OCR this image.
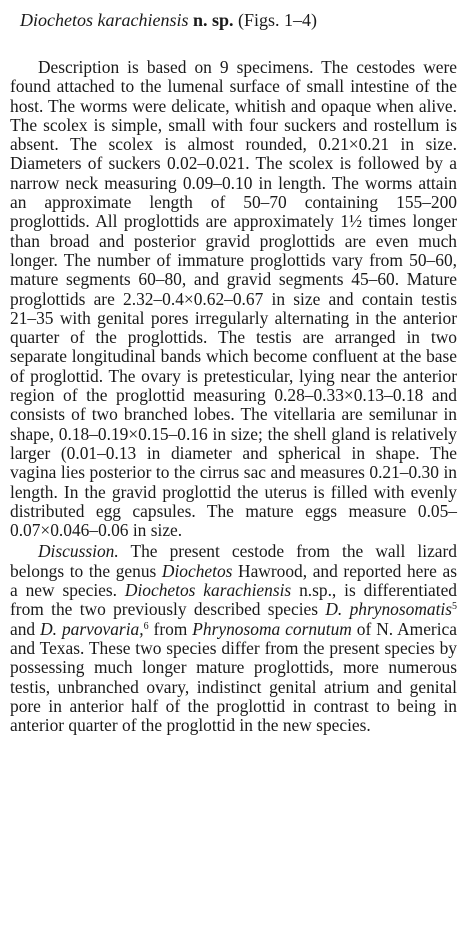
Diochetos karachiensis n. sp. (Figs. 1–4)

Description is based on 9 specimens. The cestodes were found attached to the lumenal surface of small intestine of the host. The worms were delicate, whitish and opaque when alive. The scolex is simple, small with four suckers and rostellum is absent. The scolex is almost rounded, 0.21×0.21 in size. Diameters of suckers 0.02–0.021. The scolex is followed by a narrow neck measuring 0.09–0.10 in length. The worms attain an approximate length of 50–70 containing 155–200 proglottids. All proglottids are approximately 1½ times longer than broad and posterior gravid proglottids are even much longer. The number of immature proglottids vary from 50–60, mature segments 60–80, and gravid segments 45–60. Mature proglottids are 2.32–0.4×0.62–0.67 in size and contain testis 21–35 with genital pores irregularly alternating in the anterior quarter of the proglottids. The testis are arranged in two separate longitudinal bands which become confluent at the base of proglottid. The ovary is pretesticular, lying near the anterior region of the proglottid measuring 0.28–0.33×0.13–0.18 and consists of two branched lobes. The vitellaria are semilunar in shape, 0.18–0.19×0.15–0.16 in size; the shell gland is relatively larger (0.01–0.13 in diameter and spherical in shape. The vagina lies posterior to the cirrus sac and measures 0.21–0.30 in length. In the gravid proglottid the uterus is filled with evenly distributed egg capsules. The mature eggs measure 0.05–0.07×0.046–0.06 in size.

Discussion. The present cestode from the wall lizard belongs to the genus Diochetos Hawrood, and reported here as a new species. Diochetos karachiensis n.sp., is differentiated from the two previously described species D. phrynosomatis$^5$ and D. parvovaria,$^6$ from Phrynosoma cornutum of N. America and Texas. These two species differ from the present species by possessing much longer mature proglottids, more numerous testis, unbranched ovary, indistinct genital atrium and genital pore in anterior half of the proglottid in contrast to being in anterior quarter of the proglottid in the new species.
